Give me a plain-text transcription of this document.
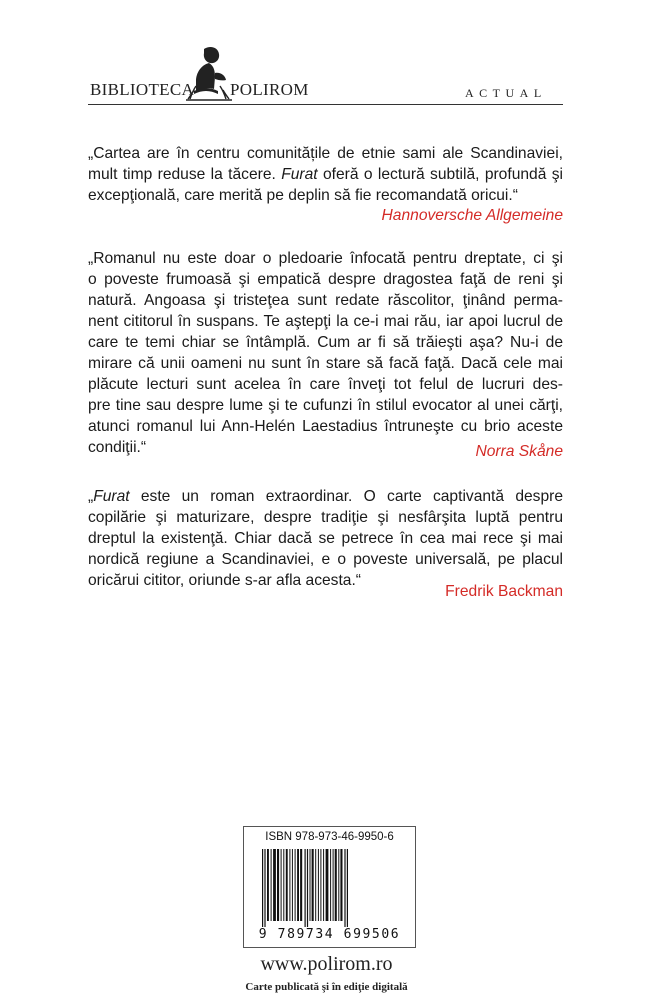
BIBLIOTECA POLIROM	ACTUAL
„Cartea are în centru comunitățile de etnie sami ale Scandinaviei,
mult timp reduse la tăcere. Furat oferă o lectură subtilă, profundă şi
excepţională, care merită pe deplin să fie recomandată oricui.“
Hannoversche Allgemeine
„Romanul nu este doar o pledoarie înfocată pentru dreptate, ci şi
o poveste frumoasă şi empatică despre dragostea faţă de reni şi
natură. Angoasa şi tristeţea sunt redate răscolitor, ţinând perma-
nent cititorul în suspans. Te aştepţi la ce-i mai rău, iar apoi lucrul de
care te temi chiar se întâmplă. Cum ar fi să trăieşti aşa? Nu-i de
mirare că unii oameni nu sunt în stare să facă faţă. Dacă cele mai
plăcute lecturi sunt acelea în care înveţi tot felul de lucruri des-
pre tine sau despre lume şi te cufunzi în stilul evocator al unei cărţi,
atunci romanul lui Ann-Helén Laestadius întruneşte cu brio aceste
condiţii.“	Norra Skåne
„Furat este un roman extraordinar. O carte captivantă despre
copilărie şi maturizare, despre tradiţie şi nesfârşita luptă pentru
dreptul la existenţă. Chiar dacă se petrece în cea mai rece şi mai
nordică regiune a Scandinaviei, e o poveste universală, pe placul
oricărui cititor, oriunde s-ar afla acesta.“
Fredrik Backman
ISBN 978-973-46-9950-6
9 789734 699506
www.polirom.ro
Carte publicată şi în ediţie digitală
